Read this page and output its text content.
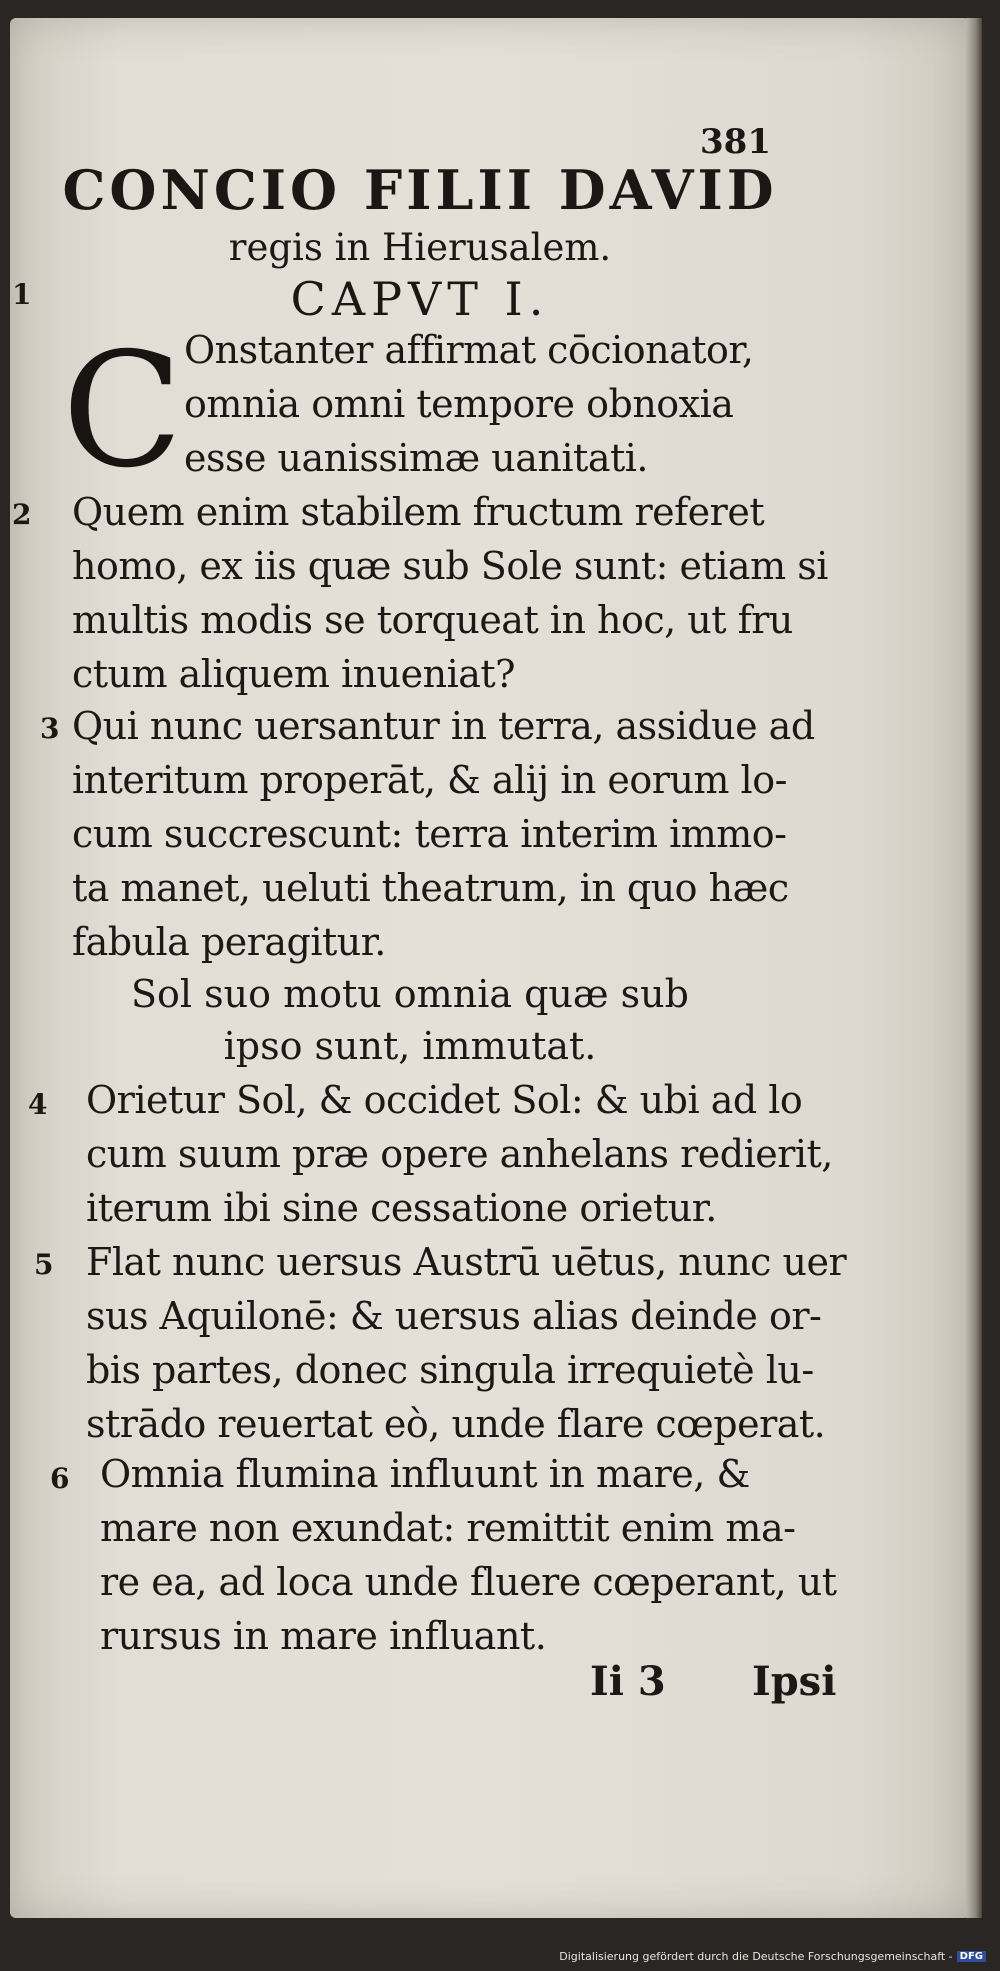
381
CONCIO FILII DAVID
regis in Hierusalem.
CAPVT I.
1
C Onstanter affirmat cōcionator,
omnia omni tempore obnoxia
esse uanissimæ uanitati.
2 Quem enim stabilem fructum referet
homo, ex iis quæ sub Sole sunt: etiam si
multis modis se torqueat in hoc, ut fru
ctum aliquem inueniat?
3 Qui nunc uersantur in terra, assidue ad
interitum properāt, & alij in eorum lo-
cum succrescunt: terra interim immo-
ta manet, ueluti theatrum, in quo hæc
fabula peragitur.
Sol suo motu omnia quæ sub
ipso sunt, immutat.
4 Orietur Sol, & occidet Sol: & ubi ad lo
cum suum præ opere anhelans redierit,
iterum ibi sine cessatione orietur.
5 Flat nunc uersus Austrū uētus, nunc uer
sus Aquilonē: & uersus alias deinde or-
bis partes, donec singula irrequietè lu-
strādo reuertat eò, unde flare cœperat.
6 Omnia flumina influunt in mare, &
mare non exundat: remittit enim ma-
re ea, ad loca unde fluere cœperant, ut
rursus in mare influant.
Ii 3 Ipsi
Digitalisierung gefördert durch die Deutsche Forschungsgemeinschaft - DFG
